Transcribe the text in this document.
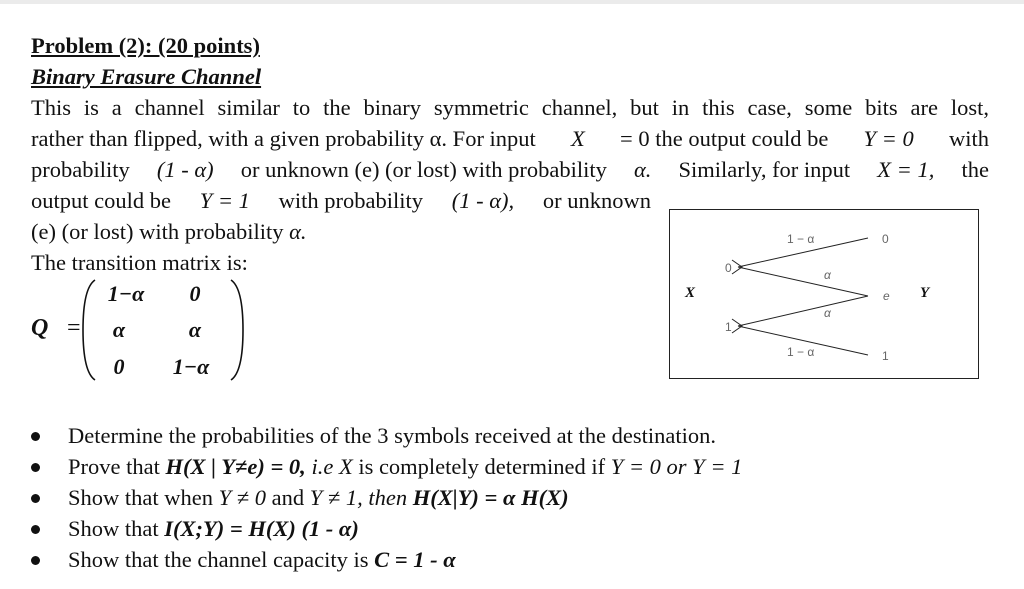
Problem (2): (20 points)
Binary Erasure Channel
This is a channel similar to the binary symmetric channel, but in this case, some bits are lost,
rather than flipped, with a given probability α. For input X = 0 the output could be Y = 0 with
probability (1 - α) or unknown (e) (or lost) with probability α. Similarly, for input X = 1, the
output could be Y = 1 with probability (1 - α), or unknown
(e) (or lost) with probability α.
The transition matrix is:
Q =
1−α	0
α	α
0	1−α
X	Y
0
1
0
e
1
1 − α
1 − α
α
α
Determine the probabilities of the 3 symbols received at the destination.
Prove that H(X | Y≠e) = 0, i.e X is completely determined if Y = 0 or Y = 1
Show that when Y ≠ 0 and Y ≠ 1, then H(X|Y) = α H(X)
Show that I(X;Y) = H(X) (1 - α)
Show that the channel capacity is C = 1 - α
